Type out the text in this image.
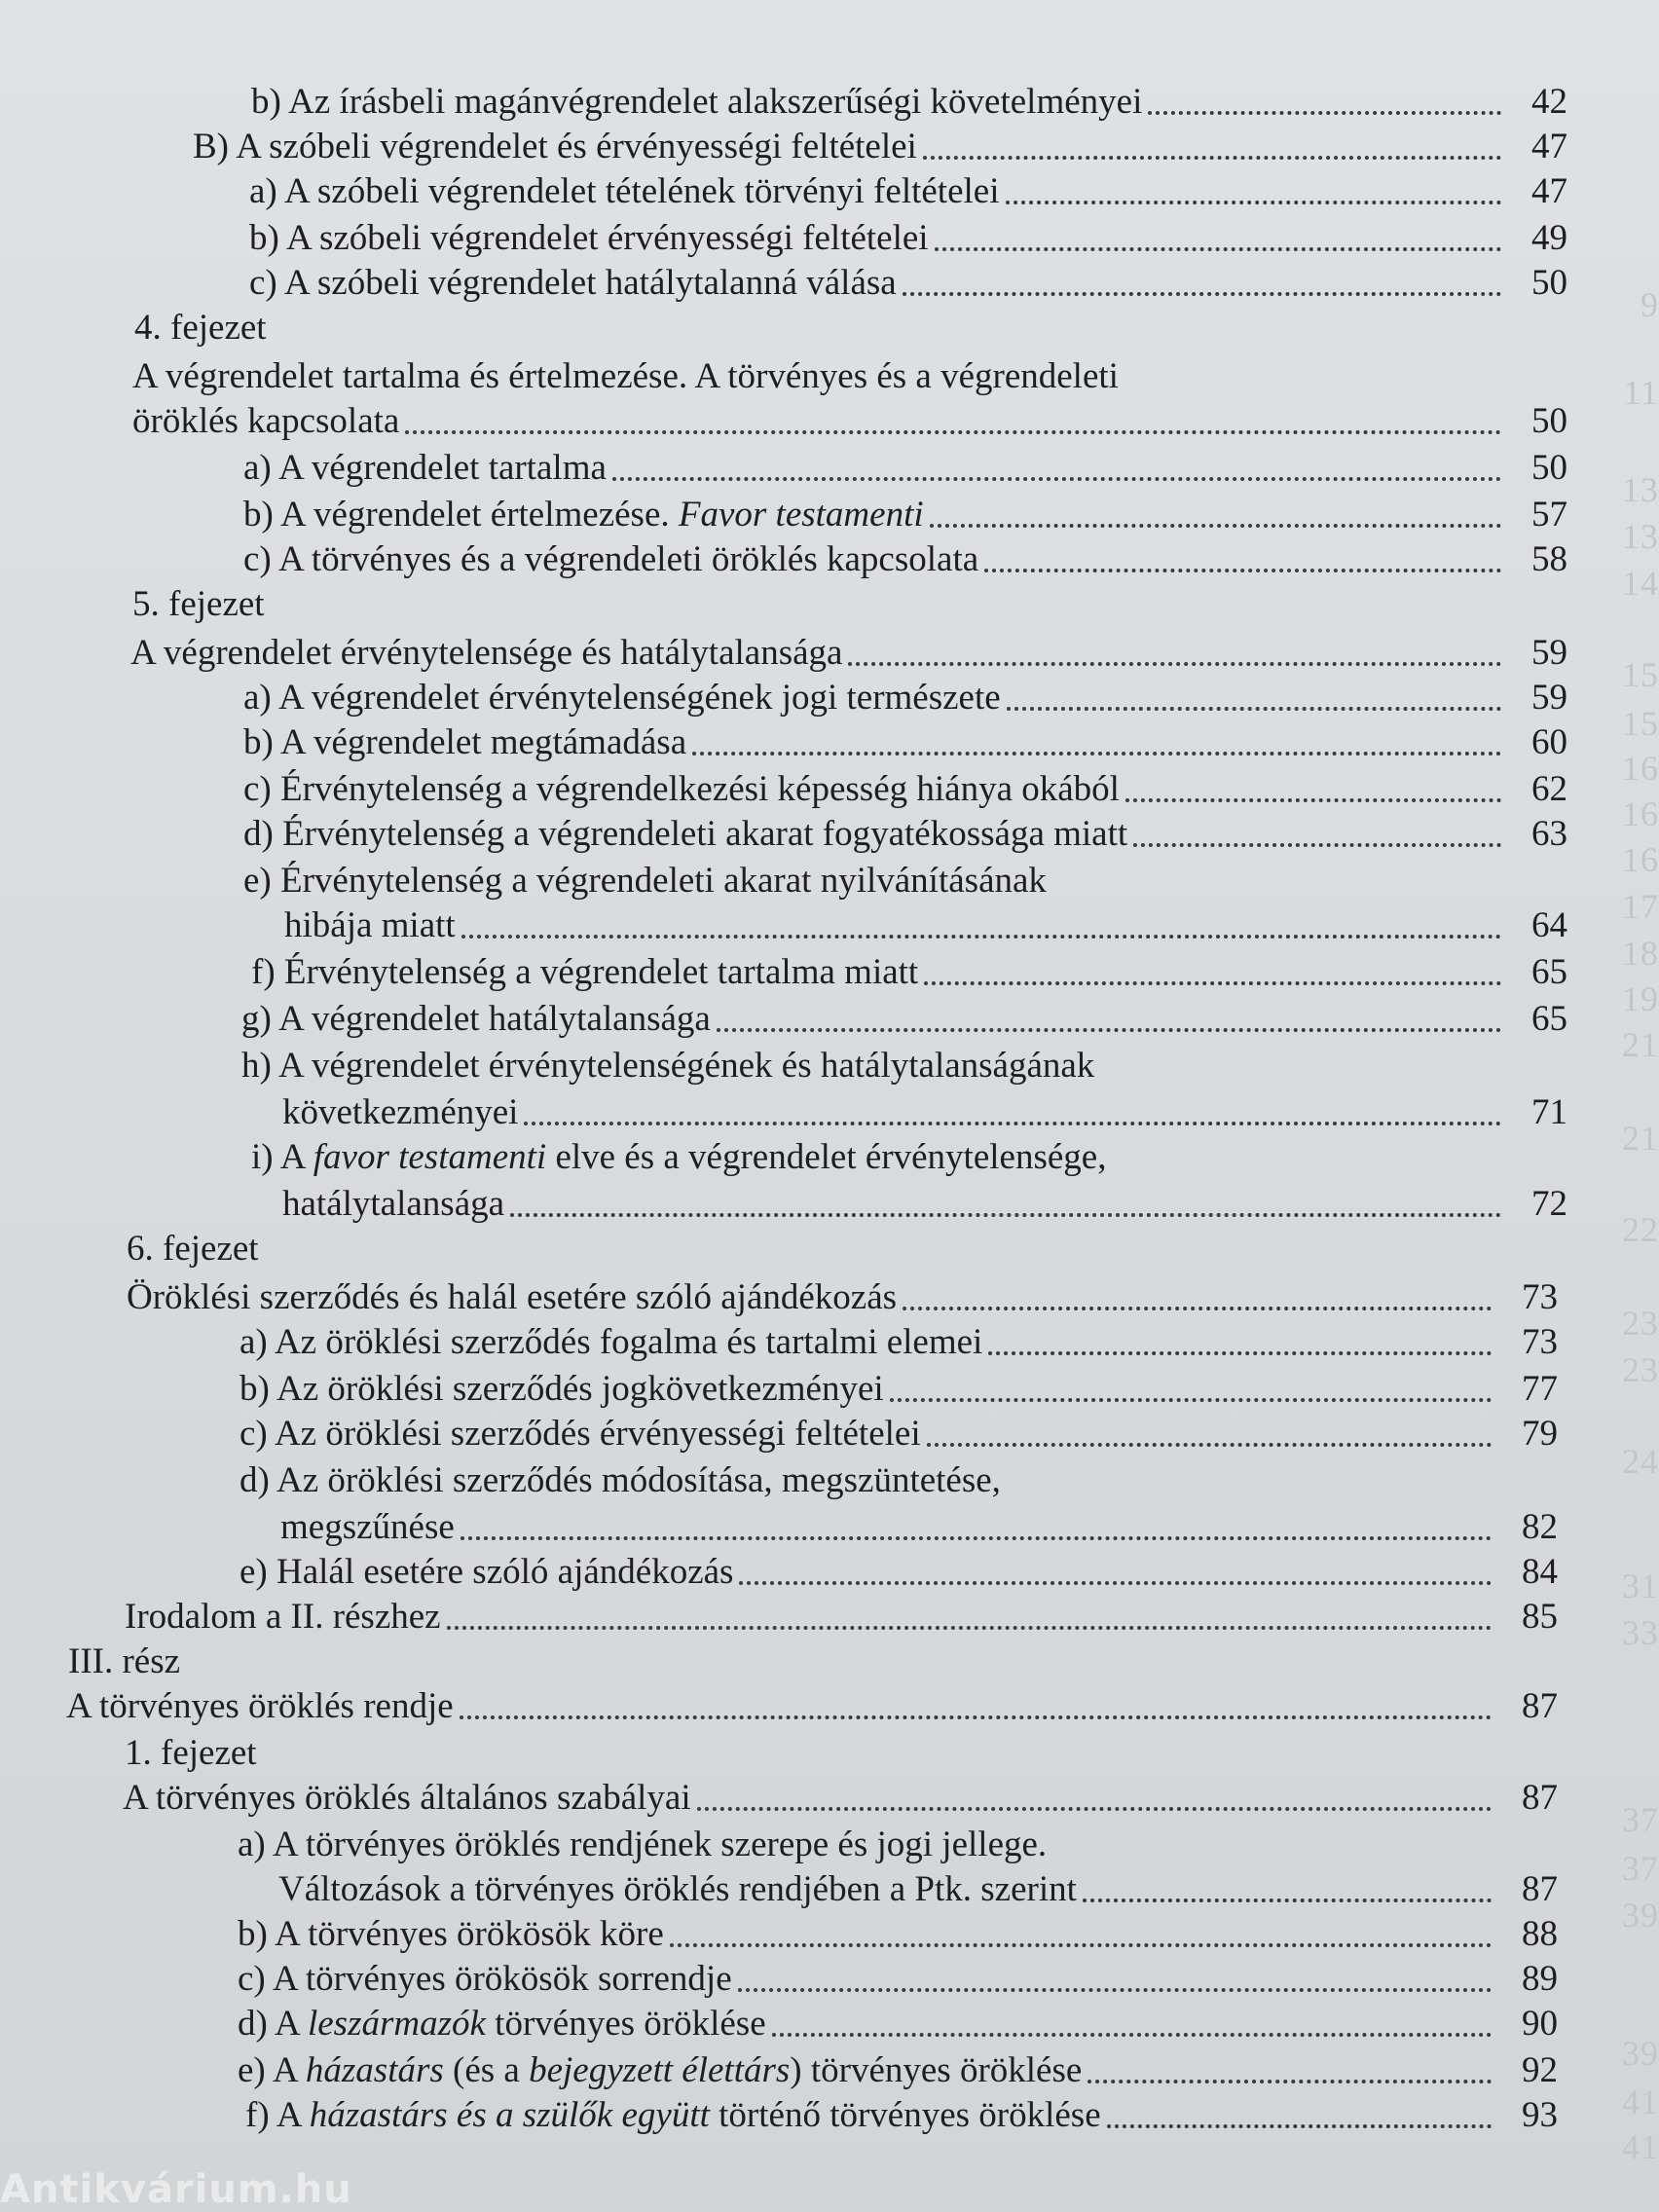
9
11
13
13
14
15
15
16
16
16
17
18
19
21
21
22
23
23
24
31
33
37
37
39
39
41
41
b) Az írásbeli magánvégrendelet alakszerűségi követelményei	42
B) A szóbeli végrendelet és érvényességi feltételei	47
a) A szóbeli végrendelet tételének törvényi feltételei	47
b) A szóbeli végrendelet érvényességi feltételei	49
c) A szóbeli végrendelet hatálytalanná válása	50
4. fejezet
A végrendelet tartalma és értelmezése. A törvényes és a végrendeleti
öröklés kapcsolata	50
a) A végrendelet tartalma	50
b) A végrendelet értelmezése. Favor testamenti	57
c) A törvényes és a végrendeleti öröklés kapcsolata	58
5. fejezet
A végrendelet érvénytelensége és hatálytalansága	59
a) A végrendelet érvénytelenségének jogi természete	59
b) A végrendelet megtámadása	60
c) Érvénytelenség a végrendelkezési képesség hiánya okából	62
d) Érvénytelenség a végrendeleti akarat fogyatékossága miatt	63
e) Érvénytelenség a végrendeleti akarat nyilvánításának
hibája miatt	64
f) Érvénytelenség a végrendelet tartalma miatt	65
g) A végrendelet hatálytalansága	65
h) A végrendelet érvénytelenségének és hatálytalanságának
következményei	71
i) A favor testamenti elve és a végrendelet érvénytelensége,
hatálytalansága	72
6. fejezet
Öröklési szerződés és halál esetére szóló ajándékozás	73
a) Az öröklési szerződés fogalma és tartalmi elemei	73
b) Az öröklési szerződés jogkövetkezményei	77
c) Az öröklési szerződés érvényességi feltételei	79
d) Az öröklési szerződés módosítása, megszüntetése,
megszűnése	82
e) Halál esetére szóló ajándékozás	84
Irodalom a II. részhez	85
III. rész
A törvényes öröklés rendje	87
1. fejezet
A törvényes öröklés általános szabályai	87
a) A törvényes öröklés rendjének szerepe és jogi jellege.
Változások a törvényes öröklés rendjében a Ptk. szerint	87
b) A törvényes örökösök köre	88
c) A törvényes örökösök sorrendje	89
d) A leszármazók törvényes öröklése	90
e) A házastárs (és a bejegyzett élettárs) törvényes öröklése	92
f) A házastárs és a szülők együtt történő törvényes öröklése	93
Antikvárium.hu
